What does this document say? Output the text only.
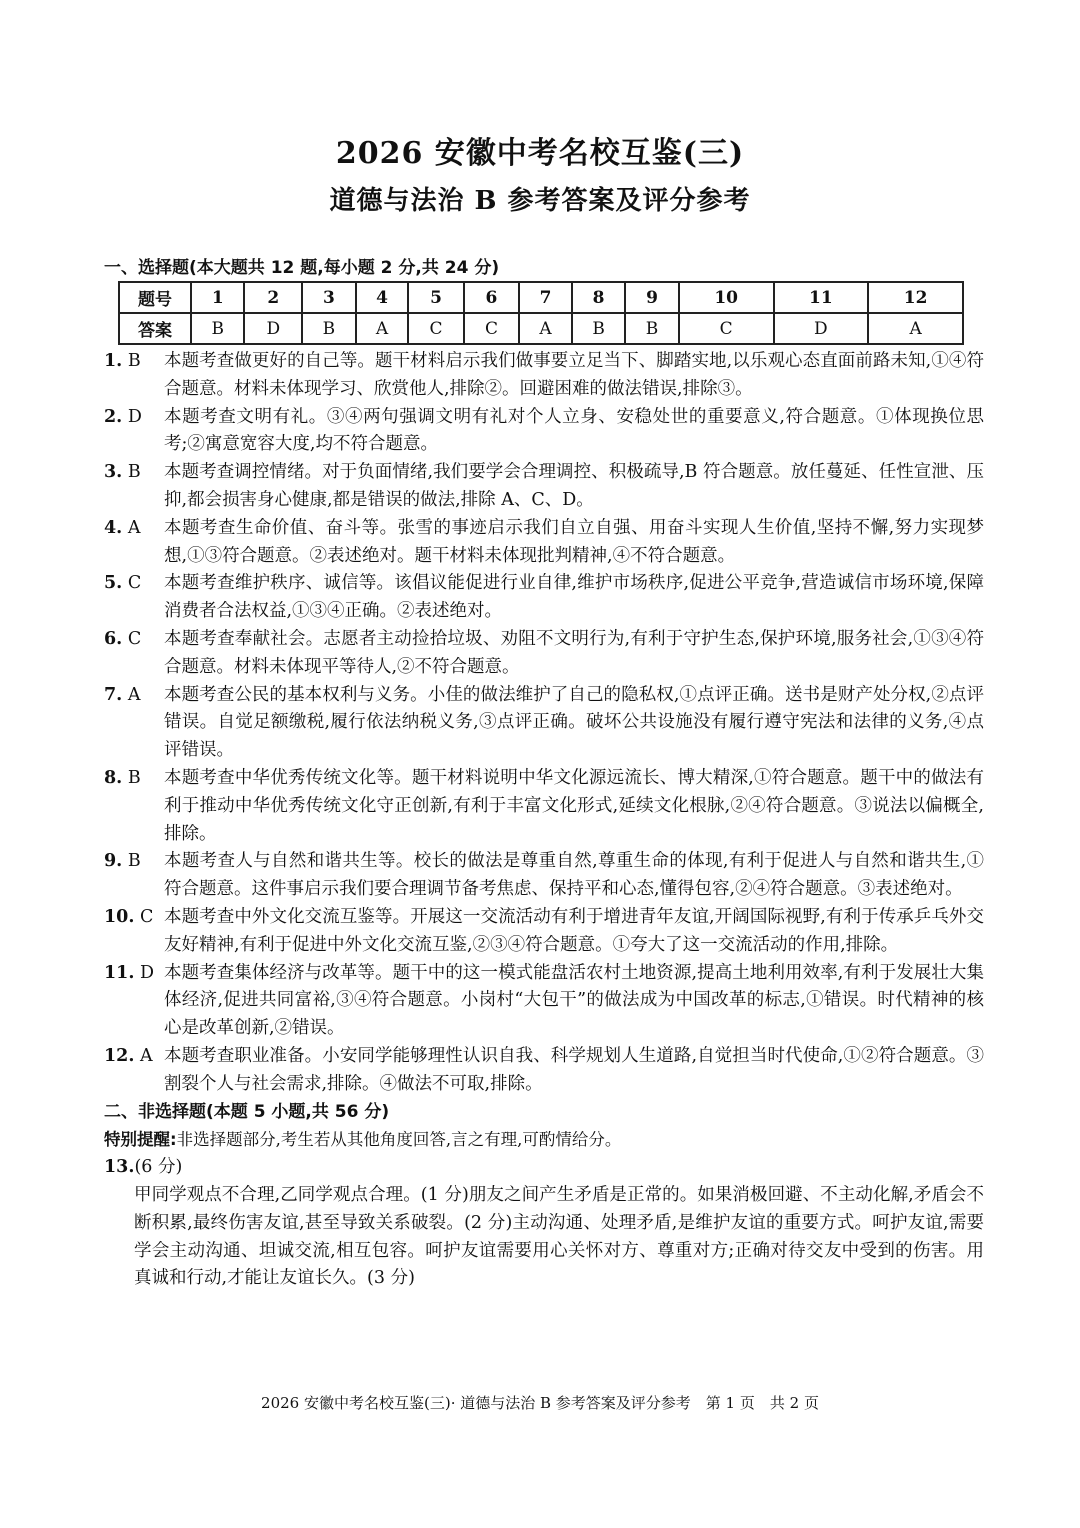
2026 安徽中考名校互鉴(三)
道德与法治 B 参考答案及评分参考
一、选择题(本大题共 12 题,每小题 2 分,共 24 分)
题号	1	2	3	4	5	6	7	8	9	10	11	12
答案	B	D	B	A	C	C	A	B	B	C	D	A
1. B 本题考查做更好的自己等。题干材料启示我们做事要立足当下、脚踏实地,以乐观心态直面前路未知,①④符合题意。材料未体现学习、欣赏他人,排除②。回避困难的做法错误,排除③。
2. D 本题考查文明有礼。③④两句强调文明有礼对个人立身、安稳处世的重要意义,符合题意。①体现换位思考;②寓意宽容大度,均不符合题意。
3. B 本题考查调控情绪。对于负面情绪,我们要学会合理调控、积极疏导,B 符合题意。放任蔓延、任性宣泄、压抑,都会损害身心健康,都是错误的做法,排除 A、C、D。
4. A 本题考查生命价值、奋斗等。张雪的事迹启示我们自立自强、用奋斗实现人生价值,坚持不懈,努力实现梦想,①③符合题意。②表述绝对。题干材料未体现批判精神,④不符合题意。
5. C 本题考查维护秩序、诚信等。该倡议能促进行业自律,维护市场秩序,促进公平竞争,营造诚信市场环境,保障消费者合法权益,①③④正确。②表述绝对。
6. C 本题考查奉献社会。志愿者主动捡拾垃圾、劝阻不文明行为,有利于守护生态,保护环境,服务社会,①③④符合题意。材料未体现平等待人,②不符合题意。
7. A 本题考查公民的基本权利与义务。小佳的做法维护了自己的隐私权,①点评正确。送书是财产处分权,②点评错误。自觉足额缴税,履行依法纳税义务,③点评正确。破坏公共设施没有履行遵守宪法和法律的义务,④点评错误。
8. B 本题考查中华优秀传统文化等。题干材料说明中华文化源远流长、博大精深,①符合题意。题干中的做法有利于推动中华优秀传统文化守正创新,有利于丰富文化形式,延续文化根脉,②④符合题意。③说法以偏概全,排除。
9. B 本题考查人与自然和谐共生等。校长的做法是尊重自然,尊重生命的体现,有利于促进人与自然和谐共生,①符合题意。这件事启示我们要合理调节备考焦虑、保持平和心态,懂得包容,②④符合题意。③表述绝对。
10. C 本题考查中外文化交流互鉴等。开展这一交流活动有利于增进青年友谊,开阔国际视野,有利于传承乒乓外交友好精神,有利于促进中外文化交流互鉴,②③④符合题意。①夸大了这一交流活动的作用,排除。
11. D 本题考查集体经济与改革等。题干中的这一模式能盘活农村土地资源,提高土地利用效率,有利于发展壮大集体经济,促进共同富裕,③④符合题意。小岗村“大包干”的做法成为中国改革的标志,①错误。时代精神的核心是改革创新,②错误。
12. A 本题考查职业准备。小安同学能够理性认识自我、科学规划人生道路,自觉担当时代使命,①②符合题意。③割裂个人与社会需求,排除。④做法不可取,排除。
二、非选择题(本题 5 小题,共 56 分)
特别提醒:非选择题部分,考生若从其他角度回答,言之有理,可酌情给分。
13.(6 分)
甲同学观点不合理,乙同学观点合理。(1 分)朋友之间产生矛盾是正常的。如果消极回避、不主动化解,矛盾会不断积累,最终伤害友谊,甚至导致关系破裂。(2 分)主动沟通、处理矛盾,是维护友谊的重要方式。呵护友谊,需要学会主动沟通、坦诚交流,相互包容。呵护友谊需要用心关怀对方、尊重对方;正确对待交友中受到的伤害。用真诚和行动,才能让友谊长久。(3 分)
2026 安徽中考名校互鉴(三)· 道德与法治 B 参考答案及评分参考　第 1 页　共 2 页
